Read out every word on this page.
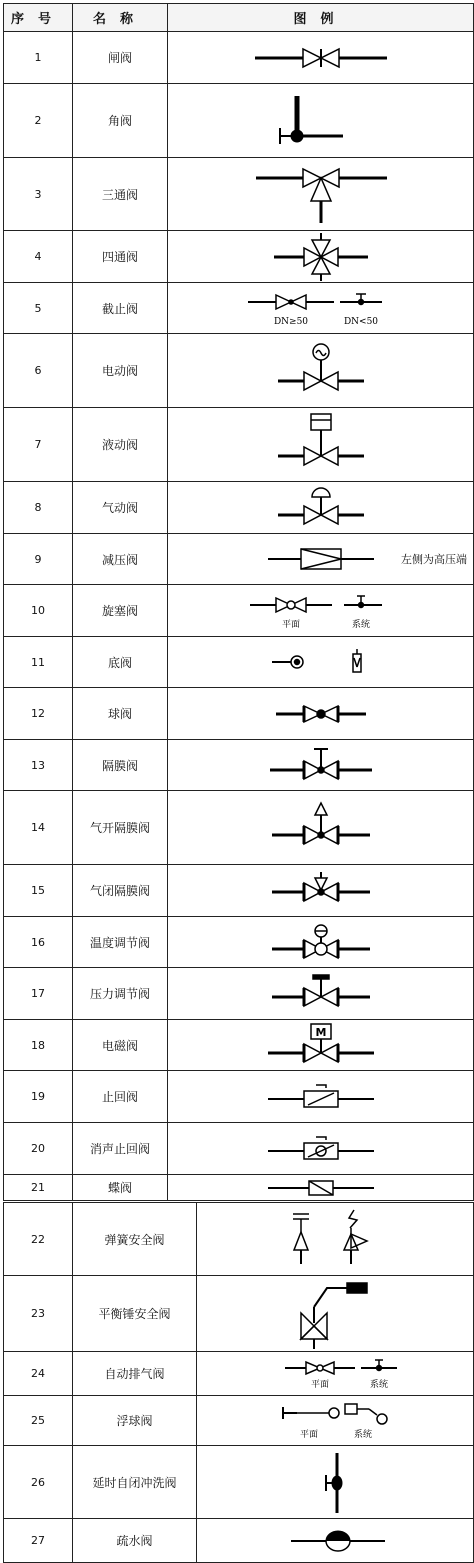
序号	名称	图例
1	闸阀	

2	角阀	

3	三通阀	

4	四通阀	

5	截止阀	DN≥50 DN<50

6	电动阀	

7	液动阀	

8	气动阀	

9	减压阀	左侧为高压端

10	旋塞阀	平面 系统

11	底阀	

12	球阀	

13	隔膜阀	

14	气开隔膜阀	

15	气闭隔膜阀	

16	温度调节阀	

17	压力调节阀	

18	电磁阀	M

19	止回阀	

20	消声止回阀	

21	蝶阀	
22	弹簧安全阀	

23	平衡锤安全阀	

24	自动排气阀	平面 系统

25	浮球阀	平面 系统

26	延时自闭冲洗阀	

27	疏水阀	
